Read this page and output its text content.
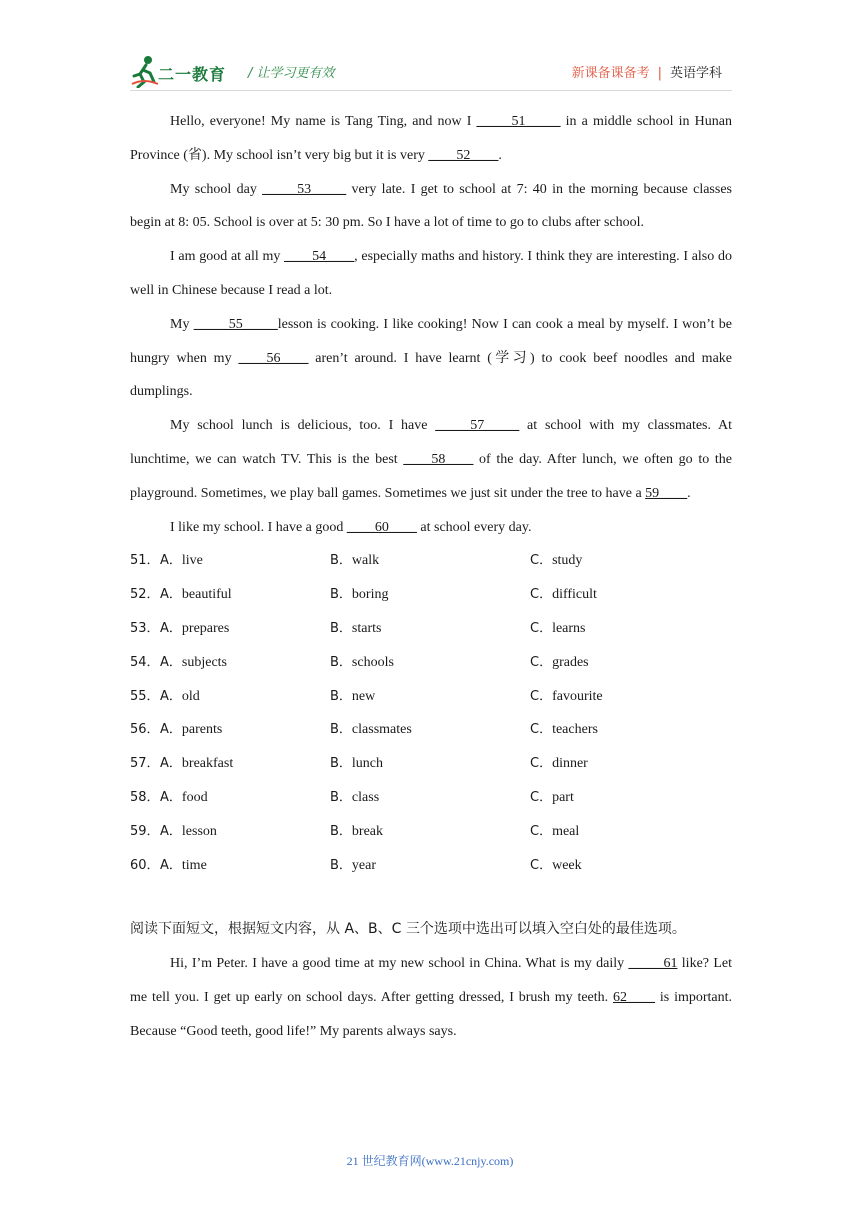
二一教育 / 让学习更有效	新课备课备考 | 英语学科

Hello, everyone! My name is Tang Ting, and now I _____51_____ in a middle school in Hunan Province (省). My school isn’t very big but it is very ____52____.

My school day _____53_____ very late. I get to school at 7: 40 in the morning because classes begin at 8: 05. School is over at 5: 30 pm. So I have a lot of time to go to clubs after school.

I am good at all my ____54____, especially maths and history. I think they are interesting. I also do well in Chinese because I read a lot.

My _____55_____lesson is cooking. I like cooking! Now I can cook a meal by myself. I won’t be hungry when my ____56____ aren’t around. I have learnt (学习) to cook beef noodles and make dumplings.

My school lunch is delicious, too. I have _____57_____ at school with my classmates. At lunchtime, we can watch TV. This is the best ____58____ of the day. After lunch, we often go to the playground. Sometimes, we play ball games. Sometimes we just sit under the tree to have a 59____.

I like my school. I have a good ____60____ at school every day.

51． A．live	B．walk	C．study
52． A．beautiful	B．boring	C．difficult
53． A．prepares	B．starts	C．learns
54． A．subjects	B．schools	C．grades
55． A．old	B．new	C．favourite
56． A．parents	B．classmates	C．teachers
57． A．breakfast	B．lunch	C．dinner
58． A．food	B．class	C．part
59． A．lesson	B．break	C．meal
60． A．time	B．year	C．week
阅读下面短文，根据短文内容，从 A、B、C 三个选项中选出可以填入空白处的最佳选项。

Hi, I’m Peter. I have a good time at my new school in China. What is my daily _____61 like? Let me tell you. I get up early on school days. After getting dressed, I brush my teeth. 62____ is important. Because “Good teeth, good life!” My parents always says.

21 世纪教育网(www.21cnjy.com)
